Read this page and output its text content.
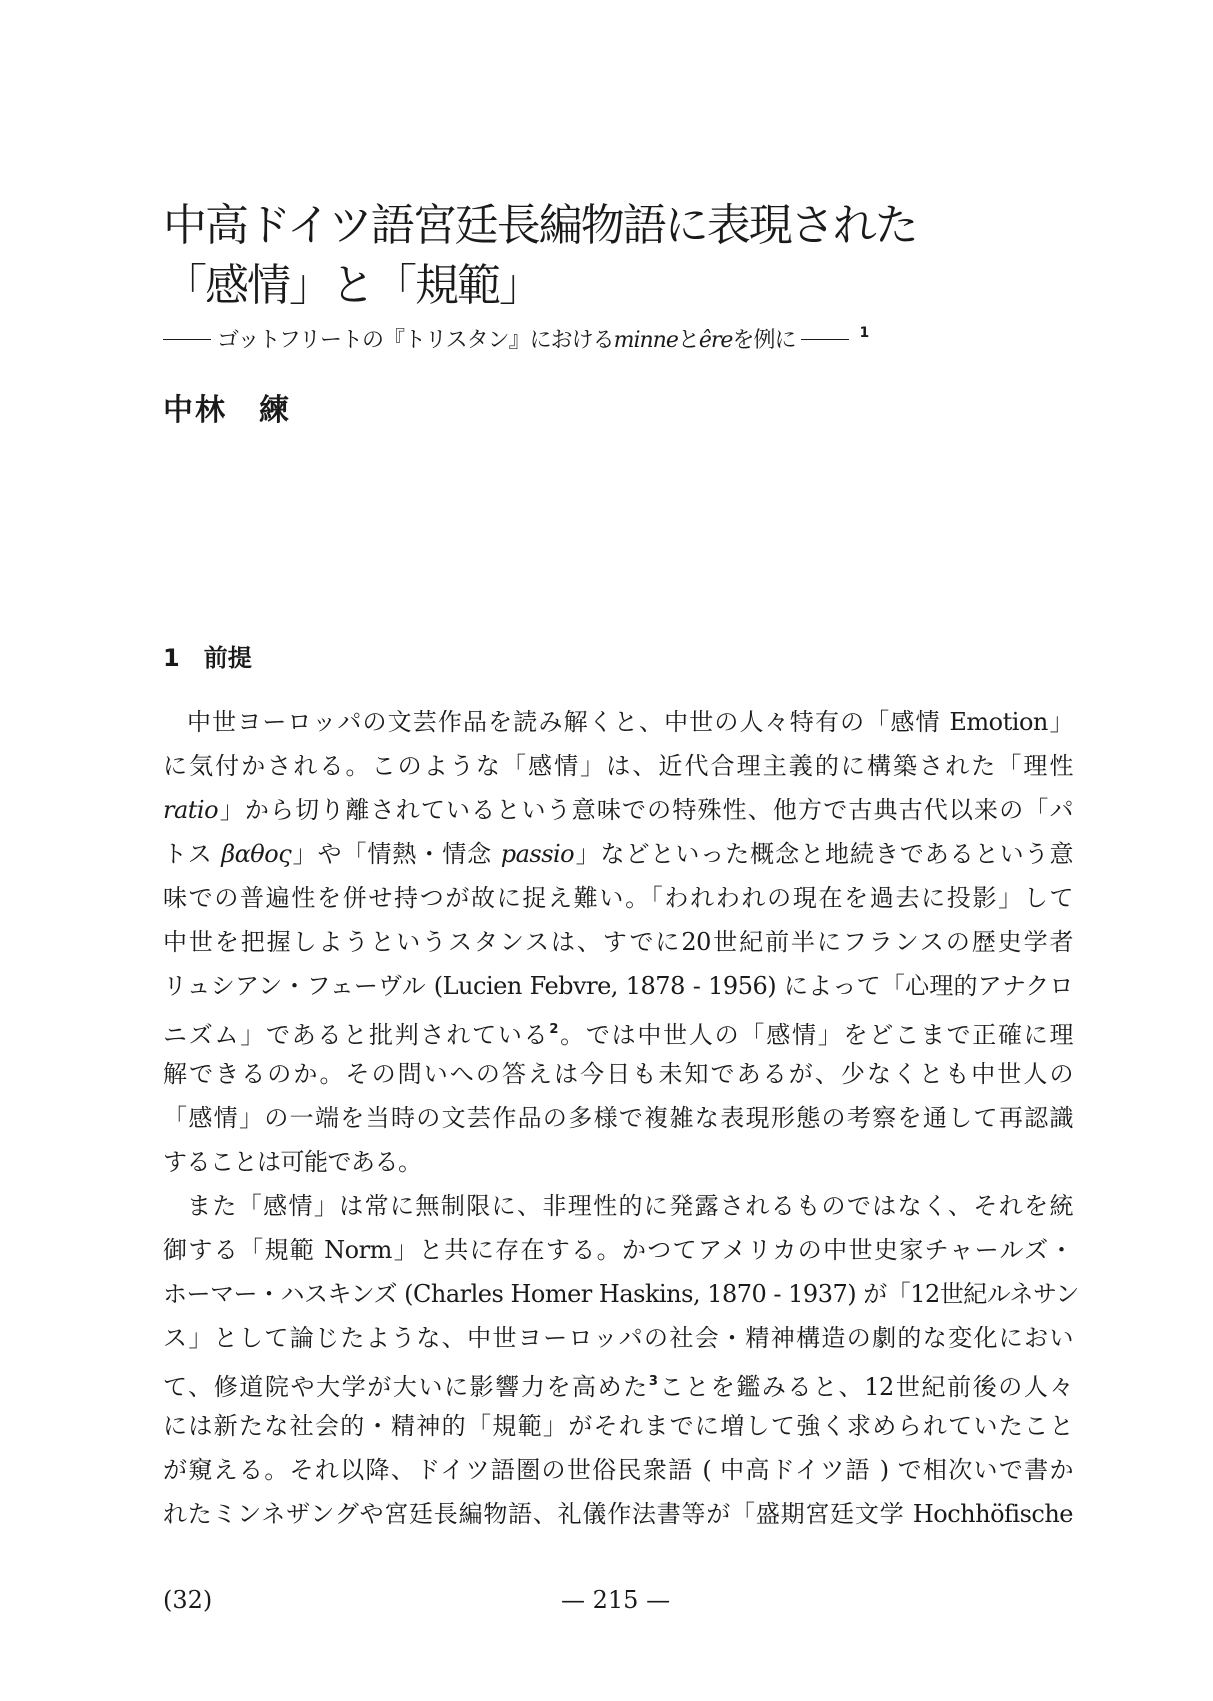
中高ドイツ語宮廷長編物語に表現された
「感情」と「規範」
ゴットフリートの『トリスタン』におけるminneとêreを例に	$^1$
中林　練
1　 前提
中世ヨーロッパの文芸作品を読み解くと、中世の人々特有の「感情 Emotion」
に気付かされる。このような「感情」は、近代合理主義的に構築された「理性
ratio」から切り離されているという意味での特殊性、他方で古典古代以来の「パ
トス βαθος」や「情熱・情念 passio」などといった概念と地続きであるという意
味での普遍性を併せ持つが故に捉え難い。「われわれの現在を過去に投影」して
中世を把握しようというスタンスは、すでに20世紀前半にフランスの歴史学者
リュシアン・フェーヴル (Lucien Febvre, 1878 - 1956) によって「心理的アナクロ
ニズム」であると批判されている$^2$。では中世人の「感情」をどこまで正確に理
解できるのか。その問いへの答えは今日も未知であるが、少なくとも中世人の
「感情」の一端を当時の文芸作品の多様で複雑な表現形態の考察を通して再認識
することは可能である。
また「感情」は常に無制限に、非理性的に発露されるものではなく、それを統
御する「規範 Norm」と共に存在する。かつてアメリカの中世史家チャールズ・
ホーマー・ハスキンズ (Charles Homer Haskins, 1870 - 1937) が「12世紀ルネサン
ス」として論じたような、中世ヨーロッパの社会・精神構造の劇的な変化におい
て、修道院や大学が大いに影響力を高めた$^3$ことを鑑みると、12世紀前後の人々
には新たな社会的・精神的「規範」がそれまでに増して強く求められていたこと
が窺える。それ以降、ドイツ語圏の世俗民衆語 ( 中高ドイツ語 ) で相次いで書か
れたミンネザングや宮廷長編物語、礼儀作法書等が「盛期宮廷文学 Hochhöfische
(32)	— 215 —
